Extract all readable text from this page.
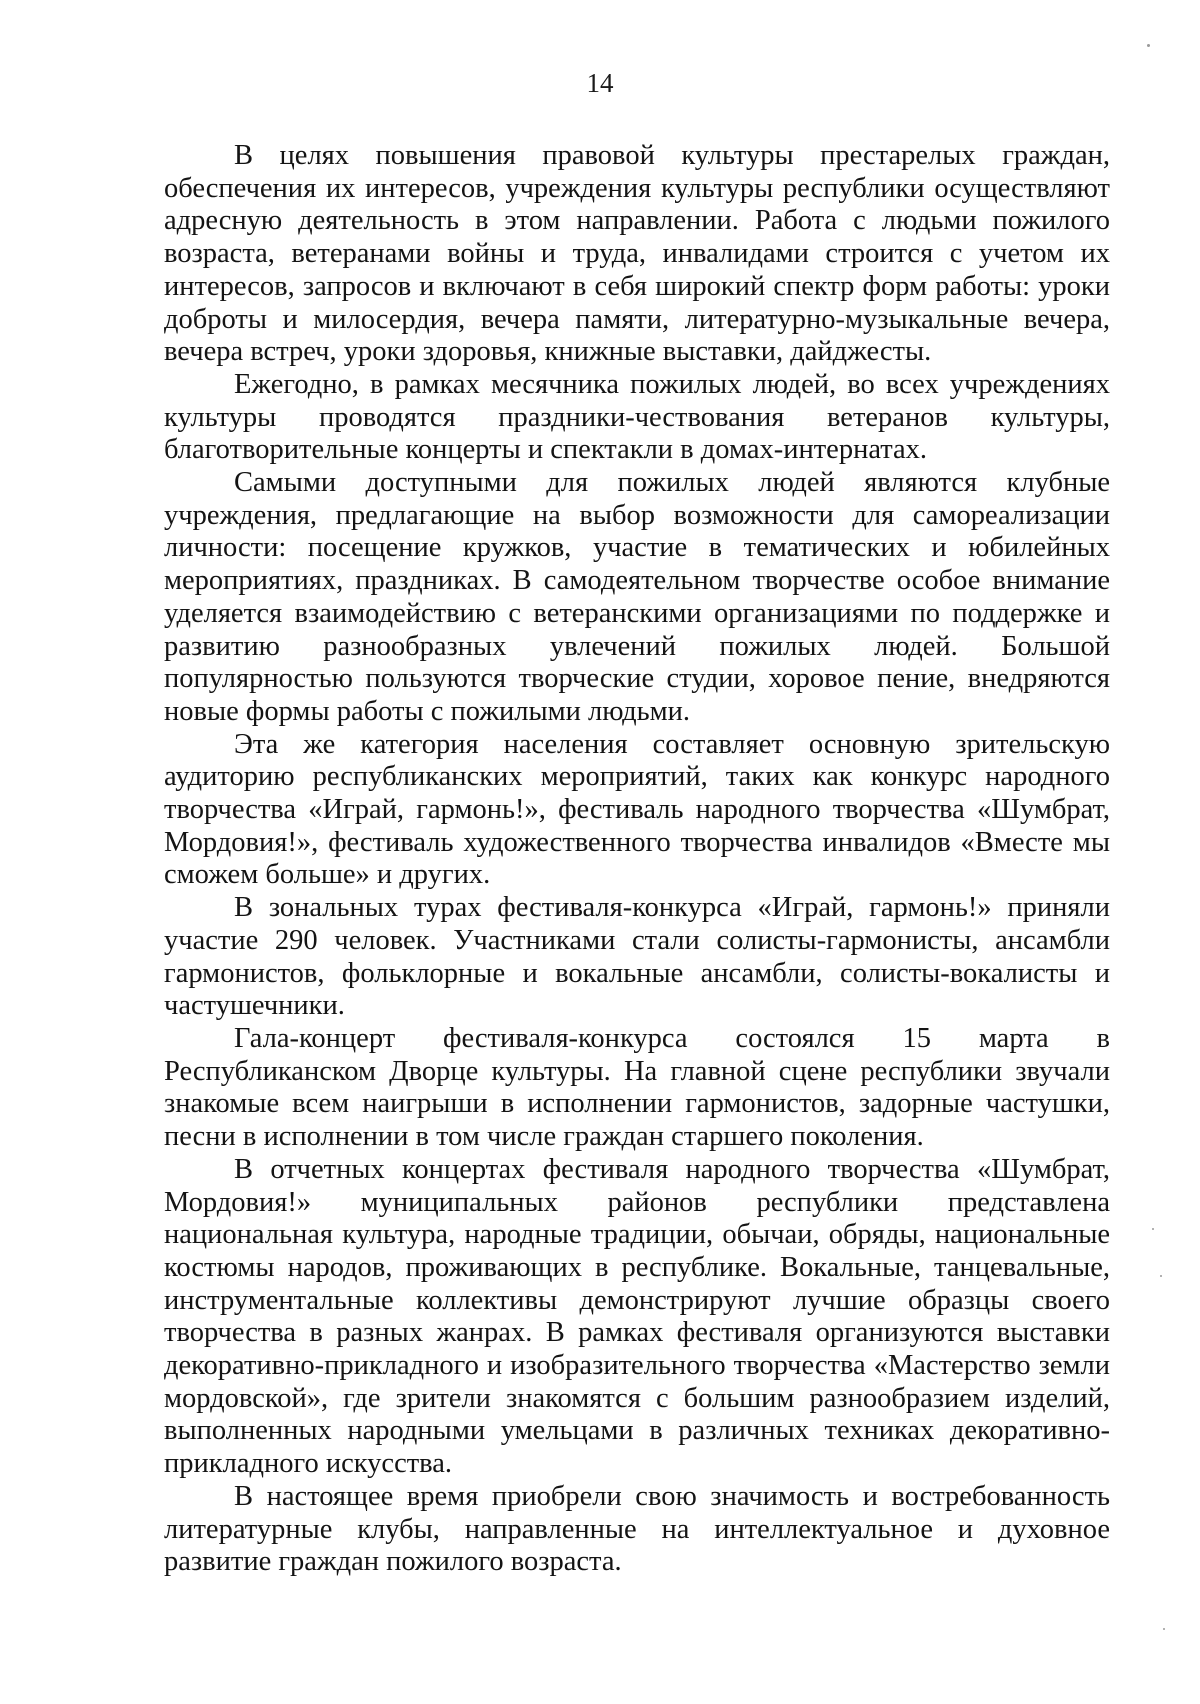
14

В целях повышения правовой культуры престарелых граждан, обеспечения их интересов, учреждения культуры республики осуществляют адресную деятельность в этом направлении. Работа с людьми пожилого возраста, ветеранами войны и труда, инвалидами строится с учетом их интересов, запросов и включают в себя широкий спектр форм работы: уроки доброты и милосердия, вечера памяти, литературно-музыкальные вечера, вечера встреч, уроки здоровья, книжные выставки, дайджесты.

Ежегодно, в рамках месячника пожилых людей, во всех учреждениях культуры проводятся праздники-чествования ветеранов культуры, благотворительные концерты и спектакли в домах-интернатах.

Самыми доступными для пожилых людей являются клубные учреждения, предлагающие на выбор возможности для самореализации личности: посещение кружков, участие в тематических и юбилейных мероприятиях, праздниках. В самодеятельном творчестве особое внимание уделяется взаимодействию с ветеранскими организациями по поддержке и развитию разнообразных увлечений пожилых людей. Большой популярностью пользуются творческие студии, хоровое пение, внедряются новые формы работы с пожилыми людьми.

Эта же категория населения составляет основную зрительскую аудиторию республиканских мероприятий, таких как конкурс народного творчества «Играй, гармонь!», фестиваль народного творчества «Шумбрат, Мордовия!», фестиваль художественного творчества инвалидов «Вместе мы сможем больше» и других.

В зональных турах фестиваля-конкурса «Играй, гармонь!» приняли участие 290 человек. Участниками стали солисты-гармонисты, ансамбли гармонистов, фольклорные и вокальные ансамбли, солисты-вокалисты и частушечники.

Гала-концерт фестиваля-конкурса состоялся 15 марта в Республиканском Дворце культуры. На главной сцене республики звучали знакомые всем наигрыши в исполнении гармонистов, задорные частушки, песни в исполнении в том числе граждан старшего поколения.

В отчетных концертах фестиваля народного творчества «Шумбрат, Мордовия!» муниципальных районов республики представлена национальная культура, народные традиции, обычаи, обряды, национальные костюмы народов, проживающих в республике. Вокальные, танцевальные, инструментальные коллективы демонстрируют лучшие образцы своего творчества в разных жанрах. В рамках фестиваля организуются выставки декоративно-прикладного и изобразительного творчества «Мастерство земли мордовской», где зрители знакомятся с большим разнообразием изделий, выполненных народными умельцами в различных техниках декоративно-прикладного искусства.

В настоящее время приобрели свою значимость и востребованность литературные клубы, направленные на интеллектуальное и духовное развитие граждан пожилого возраста.
